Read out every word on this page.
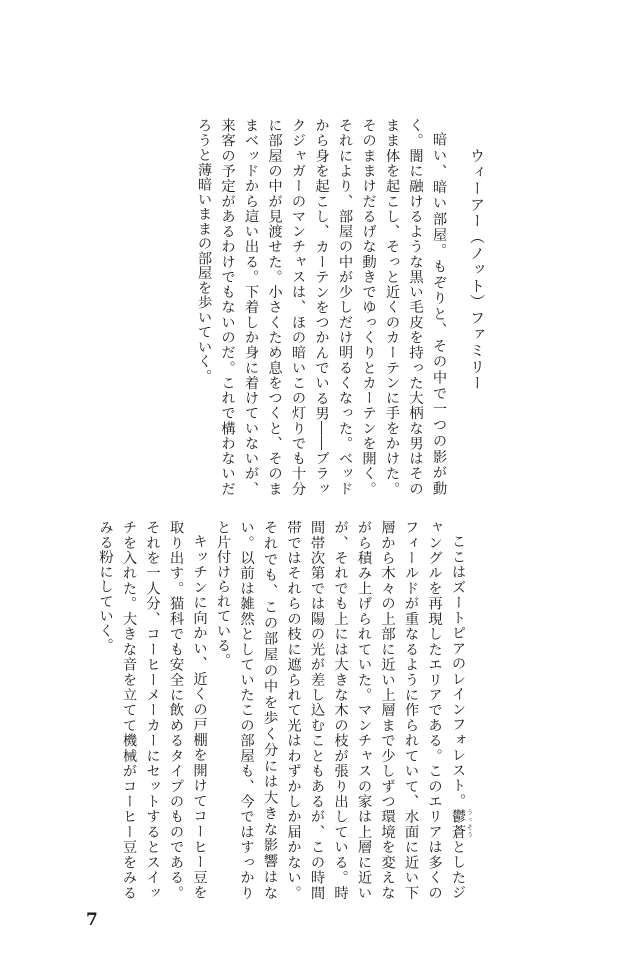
ウィーアー（ノット）ファミリー

暗い、暗い部屋。もぞりと、その中で一つの影が動く。闇に融けるような黒い毛皮を持った大柄な男はそのまま体を起こし、そっと近くのカーテンに手をかけた。そのままけだるげな動きでゆっくりとカーテンを開く。それにより、部屋の中が少しだけ明るくなった。ベッドから身を起こし、カーテンをつかんでいる男――ブラックジャガーのマンチャスは、ほの暗いこの灯りでも十分に部屋の中が見渡せた。小さくため息をつくと、そのままベッドから這い出る。下着しか身に着けていないが、来客の予定があるわけでもないのだ。これで構わないだろうと薄暗いままの部屋を歩いていく。

ここはズートピアのレインフォレスト。鬱蒼 うっそうとしたジャングルを再現したエリアである。このエリアは多くのフィールドが重なるように作られていて、水面に近い下層から木々の上部に近い上層まで少しずつ環境を変えながら積み上げられていた。マンチャスの家は上層に近いが、それでも上には大きな木の枝が張り出している。時間帯次第では陽の光が差し込むこともあるが、この時間帯ではそれらの枝に遮られて光はわずかしか届かない。それでも、この部屋の中を歩く分には大きな影響はない。以前は雑然としていたこの部屋も、今ではすっかりと片付けられている。

キッチンに向かい、近くの戸棚を開けてコーヒー豆を取り出す。猫科でも安全に飲めるタイプのものである。それを一人分、コーヒーメーカーにセットするとスイッチを入れた。大きな音を立てて機械がコーヒー豆をみるみる粉にしていく。

7
